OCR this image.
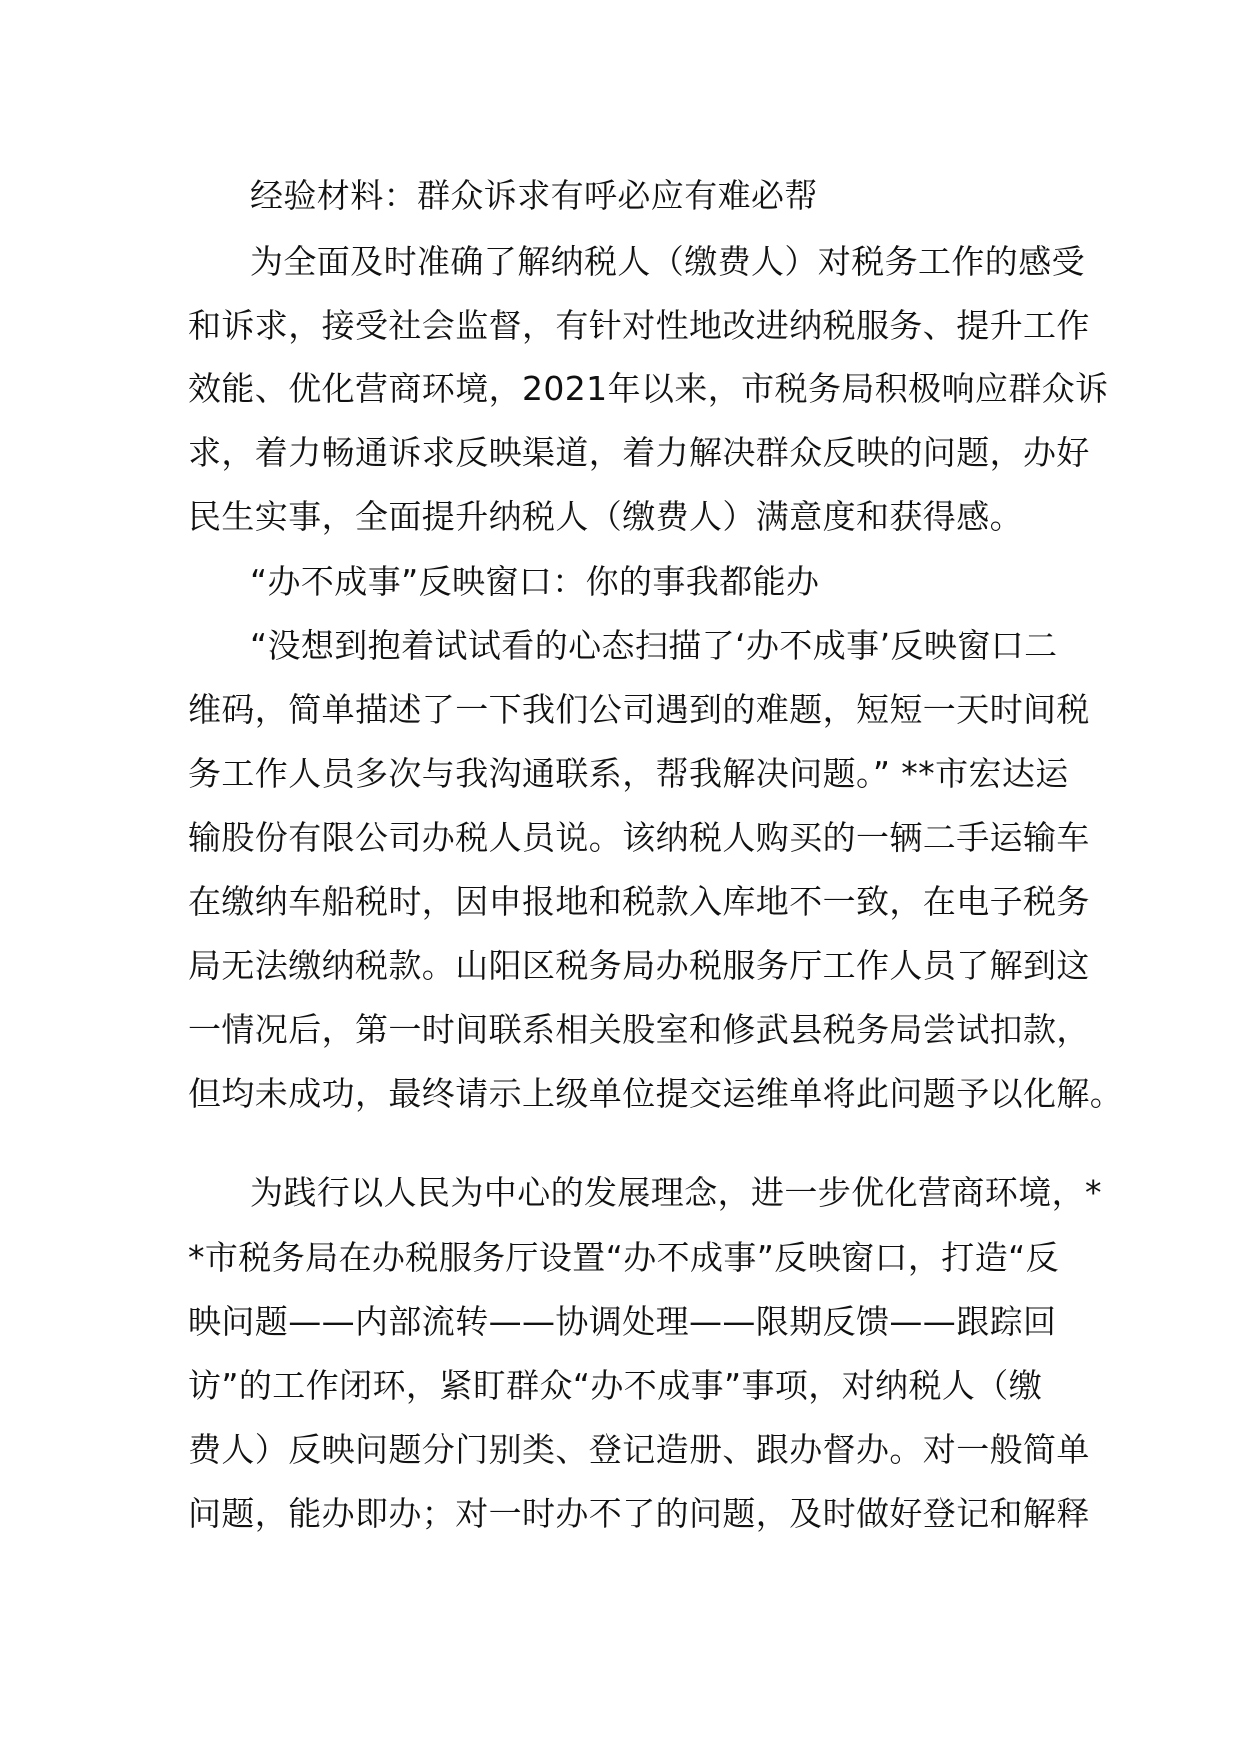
经验材料：群众诉求有呼必应有难必帮
为全面及时准确了解纳税人（缴费人）对税务工作的感受
和诉求，接受社会监督，有针对性地改进纳税服务、提升工作
效能、优化营商环境，2021年以来，市税务局积极响应群众诉
求，着力畅通诉求反映渠道，着力解决群众反映的问题，办好
民生实事，全面提升纳税人（缴费人）满意度和获得感。
“办不成事”反映窗口：你的事我都能办
“没想到抱着试试看的心态扫描了‘办不成事’反映窗口二
维码，简单描述了一下我们公司遇到的难题，短短一天时间税
务工作人员多次与我沟通联系，帮我解决问题。” **市宏达运
输股份有限公司办税人员说。该纳税人购买的一辆二手运输车
在缴纳车船税时，因申报地和税款入库地不一致，在电子税务
局无法缴纳税款。山阳区税务局办税服务厅工作人员了解到这
一情况后，第一时间联系相关股室和修武县税务局尝试扣款，
但均未成功，最终请示上级单位提交运维单将此问题予以化解。
为践行以人民为中心的发展理念，进一步优化营商环境，*
*市税务局在办税服务厅设置“办不成事”反映窗口，打造“反
映问题——内部流转——协调处理——限期反馈——跟踪回
访”的工作闭环，紧盯群众“办不成事”事项，对纳税人（缴
费人）反映问题分门别类、登记造册、跟办督办。对一般简单
问题，能办即办；对一时办不了的问题，及时做好登记和解释
